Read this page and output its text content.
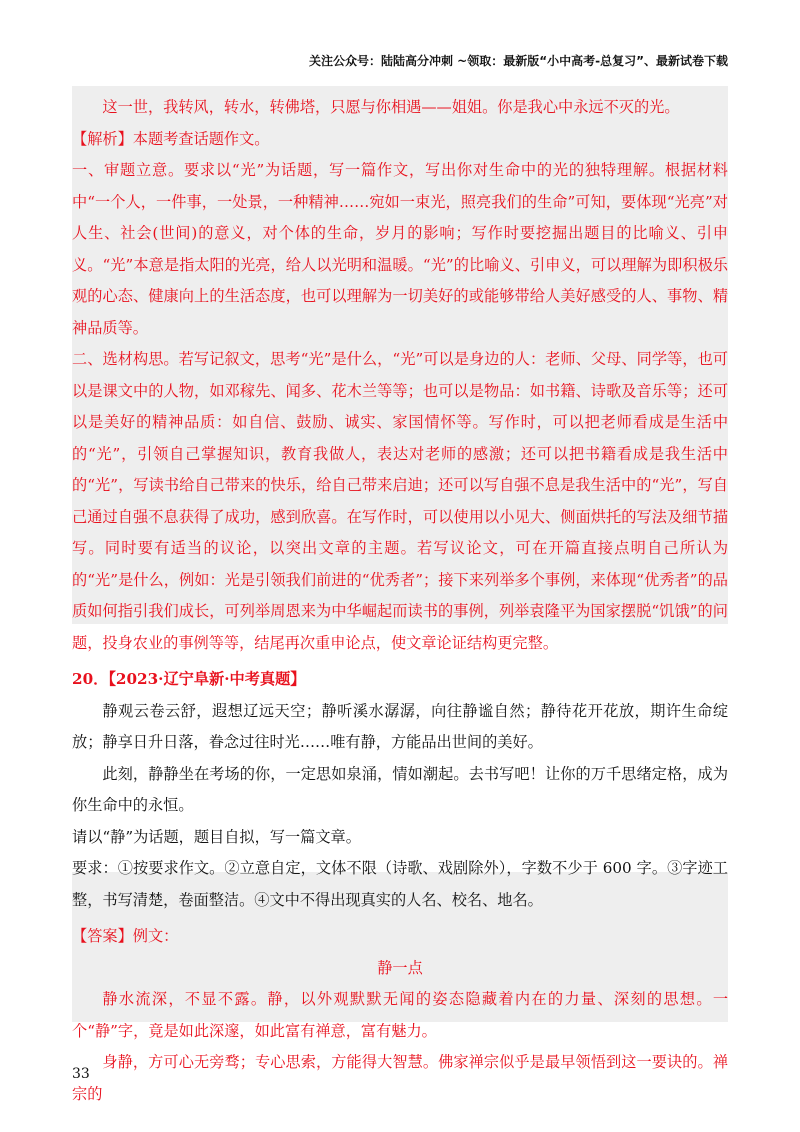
关注公众号：陆陆高分冲刺 ~领取：最新版“小中高考-总复习”、最新试卷下载

这一世，我转风，转水，转佛塔，只愿与你相遇——姐姐。你是我心中永远不灭的光。

【解析】本题考查话题作文。

一、审题立意。要求以“光”为话题，写一篇作文，写出你对生命中的光的独特理解。根据材料中“一个人，一件事，一处景，一种精神……宛如一束光，照亮我们的生命”可知，要体现“光亮”对人生、社会(世间)的意义，对个体的生命，岁月的影响；写作时要挖掘出题目的比喻义、引申义。“光”本意是指太阳的光亮，给人以光明和温暖。“光”的比喻义、引申义，可以理解为即积极乐观的心态、健康向上的生活态度，也可以理解为一切美好的或能够带给人美好感受的人、事物、精神品质等。

二、选材构思。若写记叙文，思考“光”是什么，“光”可以是身边的人：老师、父母、同学等，也可以是课文中的人物，如邓稼先、闻多、花木兰等等；也可以是物品：如书籍、诗歌及音乐等；还可以是美好的精神品质：如自信、鼓励、诚实、家国情怀等。写作时，可以把老师看成是生活中的“光”，引领自己掌握知识，教育我做人，表达对老师的感激；还可以把书籍看成是我生活中的“光”，写读书给自己带来的快乐，给自己带来启迪；还可以写自强不息是我生活中的“光”，写自己通过自强不息获得了成功，感到欣喜。在写作时，可以使用以小见大、侧面烘托的写法及细节描写。同时要有适当的议论，以突出文章的主题。若写议论文，可在开篇直接点明自己所认为的“光”是什么，例如：光是引领我们前进的“优秀者”；接下来列举多个事例，来体现“优秀者”的品质如何指引我们成长，可列举周恩来为中华崛起而读书的事例，列举袁隆平为国家摆脱“饥饿”的问题，投身农业的事例等等，结尾再次重申论点，使文章论证结构更完整。

20．【2023·辽宁阜新·中考真题】

静观云卷云舒，遐想辽远天空；静听溪水潺潺，向往静谧自然；静待花开花放，期许生命绽放；静享日升日落，眷念过往时光……唯有静，方能品出世间的美好。

此刻，静静坐在考场的你，一定思如泉涌，情如潮起。去书写吧！让你的万千思绪定格，成为你生命中的永恒。

请以“静”为话题，题目自拟，写一篇文章。

要求：①按要求作文。②立意自定，文体不限（诗歌、戏剧除外），字数不少于 600 字。③字迹工整，书写清楚，卷面整洁。④文中不得出现真实的人名、校名、地名。

【答案】例文：

静一点

静水流深，不显不露。静，以外观默默无闻的姿态隐藏着内在的力量、深刻的思想。一个“静”字，竟是如此深邃，如此富有禅意，富有魅力。

身静，方可心无旁骛；专心思索，方能得大智慧。佛家禅宗似乎是最早领悟到这一要诀的。禅宗的

33
